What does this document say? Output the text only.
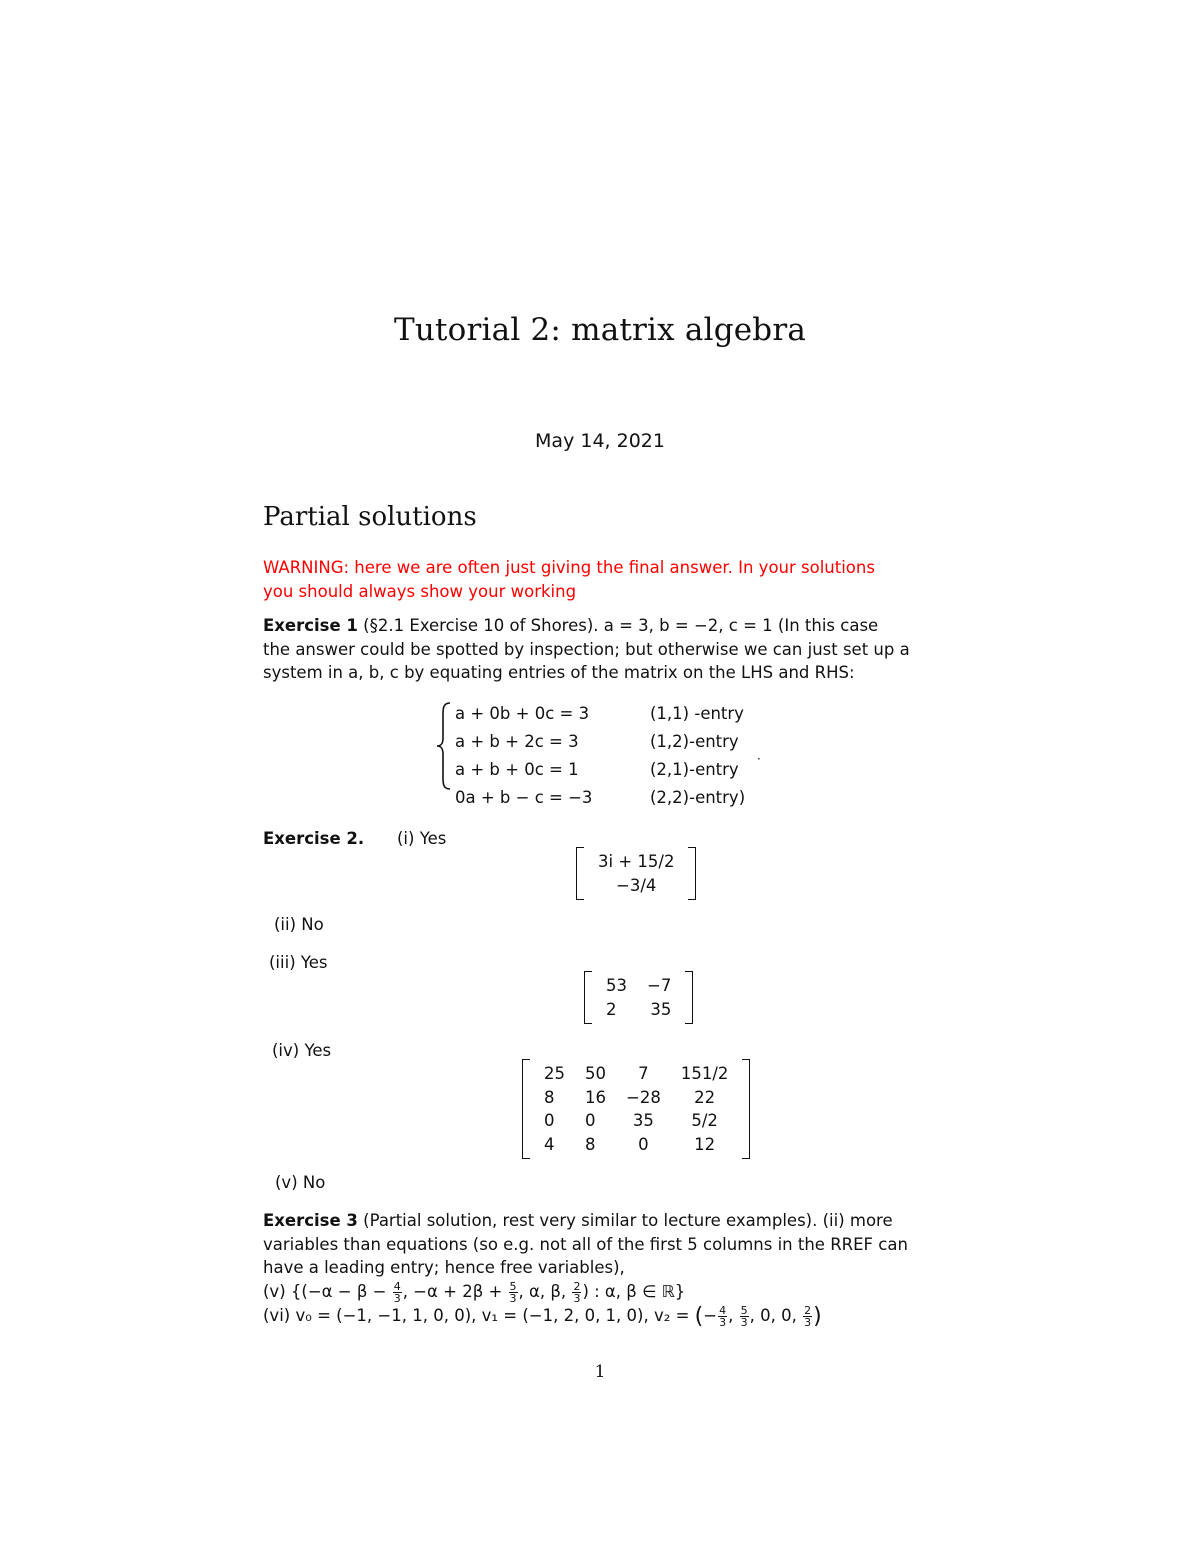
Tutorial 2: matrix algebra
May 14, 2021
Partial solutions
WARNING: here we are often just giving the final answer. In your solutions
you should always show your working
Exercise 1 (§2.1 Exercise 10 of Shores). a = 3, b = −2, c = 1 (In this case
the answer could be spotted by inspection; but otherwise we can just set up a
system in a, b, c by equating entries of the matrix on the LHS and RHS:
a + 0b + 0c = 3	(1,1) -entry
a + b + 2c = 3	(1,2)-entry
a + b + 0c = 1	(2,1)-entry
0a + b − c = −3	(2,2)-entry)
·
Exercise 2. (i) Yes
3i + 15/2
−3/4
(ii) No
(iii) Yes
53	−7
2	35
(iv) Yes
25	50	7	151/2
8	16	−28	22
0	0	35	5/2
4	8	0	12
(v) No
Exercise 3 (Partial solution, rest very similar to lecture examples). (ii) more
variables than equations (so e.g. not all of the first 5 columns in the RREF can
have a leading entry; hence free variables),
(v) {($-\alpha - \beta - \frac{4}{3}$ , $-\alpha + 2\beta + \frac{5}{3}$ , α, β, $\frac{2}{3}$ ) : α, β ∈ ℝ}
(vi) v₀ = (−1, −1, 1, 0, 0), v₁ = (−1, 2, 0, 1, 0), v₂ = (− $\frac{4}{3}$ , $\frac{5}{3}$ , 0, 0, $\frac{2}{3}$ )
1
